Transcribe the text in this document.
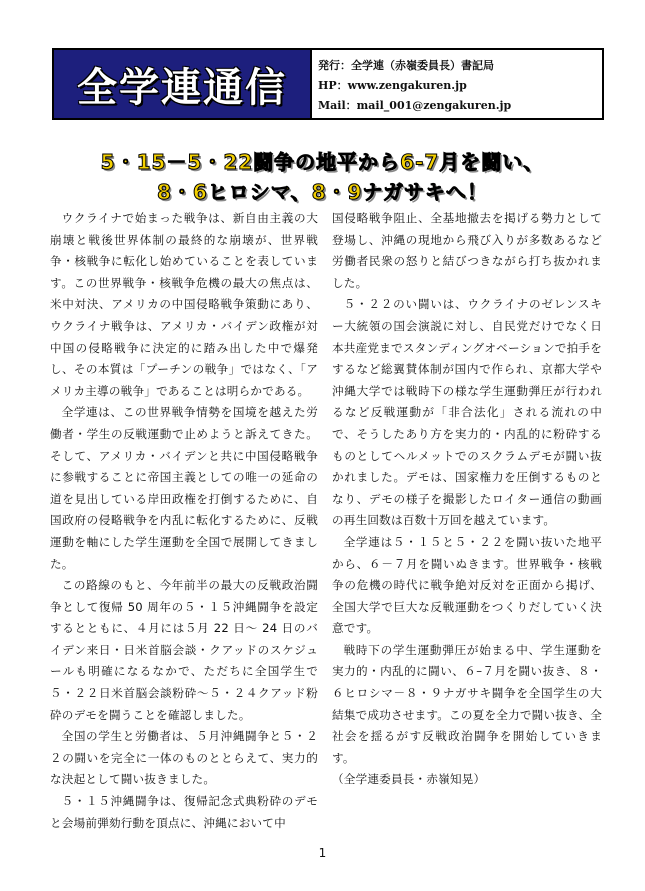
全学連通信	発行：全学連（赤嶺委員長）書記局
HP：www.zengakuren.jp
Mail：mail_001@zengakuren.jp
5・15－5・22闘争の地平から6-7月を闘い、
8・6ヒロシマ、8・9ナガサキへ！

ウクライナで始まった戦争は、新自由主義の大崩壊と戦後世界体制の最終的な崩壊が、世界戦争・核戦争に転化し始めていることを表しています。この世界戦争・核戦争危機の最大の焦点は、米中対決、アメリカの中国侵略戦争策動にあり、ウクライナ戦争は、アメリカ・バイデン政権が対中国の侵略戦争に決定的に踏み出した中で爆発し、その本質は「プーチンの戦争」ではなく、「アメリカ主導の戦争」であることは明らかである。

全学連は、この世界戦争情勢を国境を越えた労働者・学生の反戦運動で止めようと訴えてきた。そして、アメリカ・バイデンと共に中国侵略戦争に参戦することに帝国主義としての唯一の延命の道を見出している岸田政権を打倒するために、自国政府の侵略戦争を内乱に転化するために、反戦運動を軸にした学生運動を全国で展開してきました。

この路線のもと、今年前半の最大の反戦政治闘争として復帰 50 周年の５・１５沖縄闘争を設定するとともに、４月には５月 22 日～ 24 日のバイデン来日・日米首脳会談・クアッドのスケジュールも明確になるなかで、ただちに全国学生で５・２２日米首脳会談粉砕～５・２４クアッド粉砕のデモを闘うことを確認しました。

全国の学生と労働者は、５月沖縄闘争と５・２２の闘いを完全に一体のものととらえて、実力的な決起として闘い抜きました。

５・１５沖縄闘争は、復帰記念式典粉砕のデモと会場前弾劾行動を頂点に、沖縄において中

国侵略戦争阻止、全基地撤去を掲げる勢力として登場し、沖縄の現地から飛び入りが多数あるなど労働者民衆の怒りと結びつきながら打ち抜かれました。

５・２２のい闘いは、ウクライナのゼレンスキー大統領の国会演説に対し、自民党だけでなく日本共産党までスタンディングオベーションで拍手をするなど総翼賛体制が国内で作られ、京都大学や沖縄大学では戦時下の様な学生運動弾圧が行われるなど反戦運動が「非合法化」される流れの中で、そうしたあり方を実力的・内乱的に粉砕するものとしてヘルメットでのスクラムデモが闘い抜かれました。デモは、国家権力を圧倒するものとなり、デモの様子を撮影したロイター通信の動画の再生回数は百数十万回を越えています。

全学連は５・１５と５・２２を闘い抜いた地平から、６－７月を闘いぬきます。世界戦争・核戦争の危機の時代に戦争絶対反対を正面から掲げ、全国大学で巨大な反戦運動をつくりだしていく決意です。

戦時下の学生運動弾圧が始まる中、学生運動を実力的・内乱的に闘い、６–７月を闘い抜き、８・６ヒロシマ－８・９ナガサキ闘争を全国学生の大結集で成功させます。この夏を全力で闘い抜き、全社会を揺るがす反戦政治闘争を開始していきます。

（全学連委員長・赤嶺知晃）

1
